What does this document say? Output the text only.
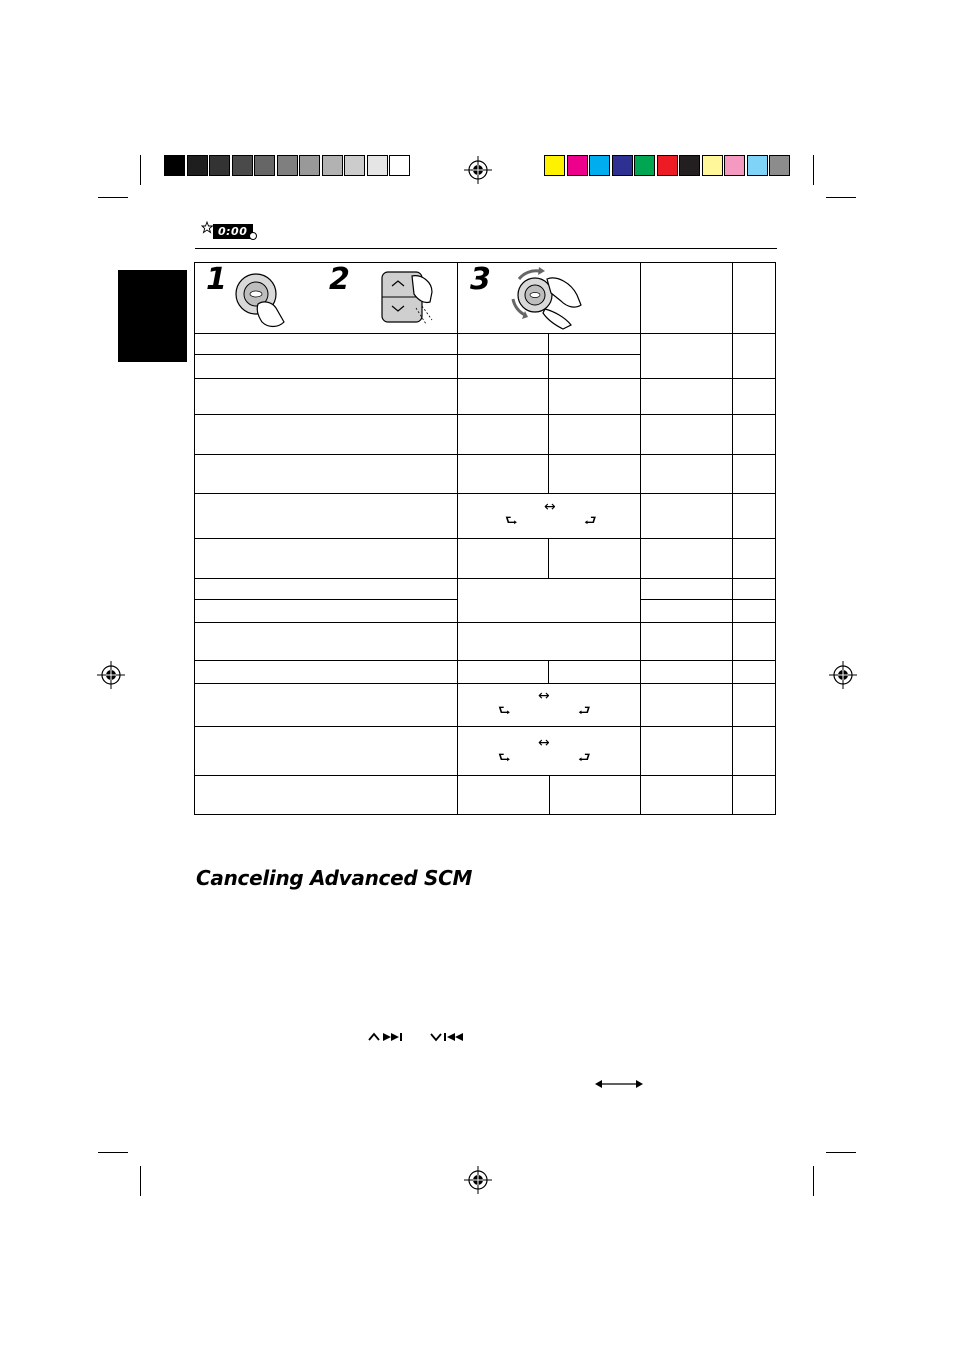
0:00
1	2	3
↔
⮑	⮐
↔
⮑	⮐
↔
⮑	⮐
Canceling Advanced SCM
